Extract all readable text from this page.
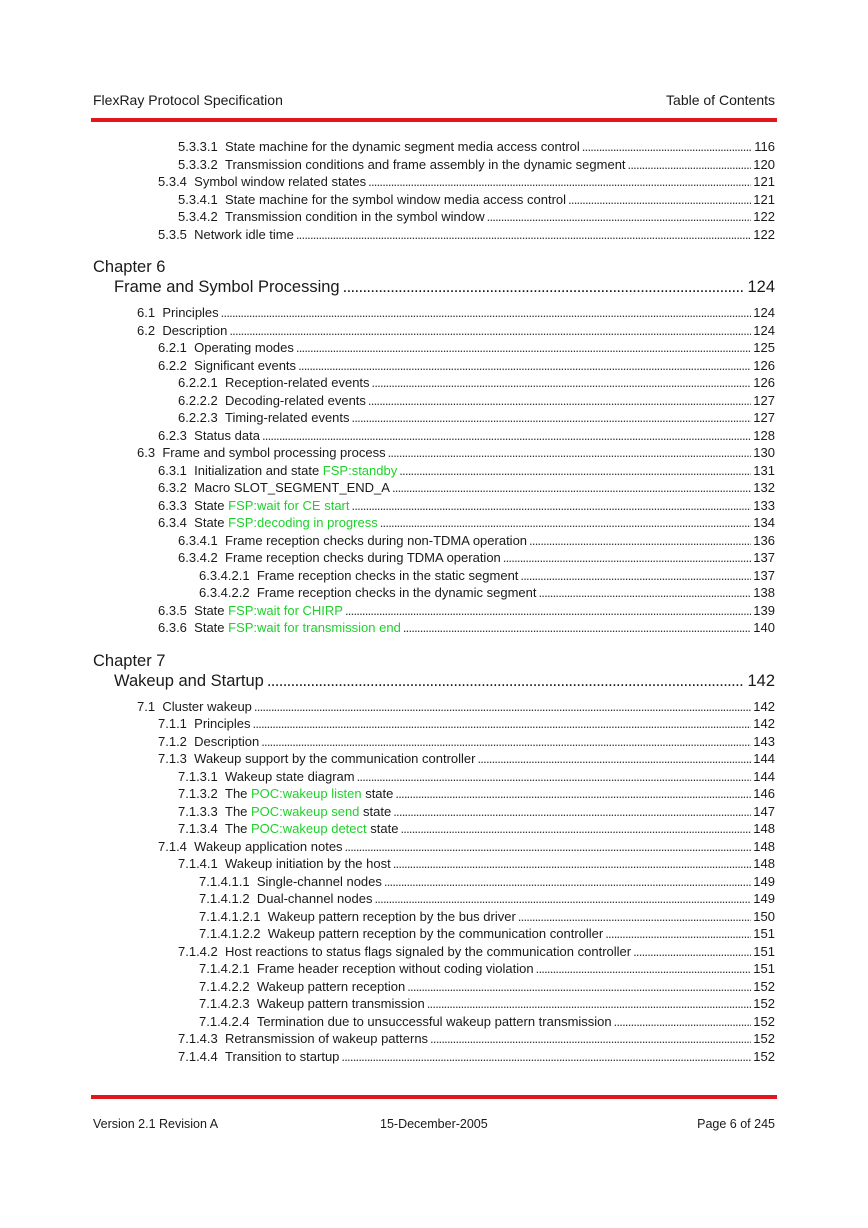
FlexRay Protocol Specification	Table of Contents
5.3.3.1 State machine for the dynamic segment media access control . . .	116
5.3.3.2 Transmission conditions and frame assembly in the dynamic segment . . .	120
5.3.4 Symbol window related states . . .	121
5.3.4.1 State machine for the symbol window media access control . . .	121
5.3.4.2 Transmission condition in the symbol window . . .	122
5.3.5 Network idle time . . .	122
Chapter 6
Frame and Symbol Processing . . .	124
6.1 Principles . . .	124
6.2 Description . . .	124
6.2.1 Operating modes . . .	125
6.2.2 Significant events . . .	126
6.2.2.1 Reception-related events . . .	126
6.2.2.2 Decoding-related events . . .	127
6.2.2.3 Timing-related events . . .	127
6.2.3 Status data . . .	128
6.3 Frame and symbol processing process . . .	130
6.3.1 Initialization and state FSP:standby . . .	131
6.3.2 Macro SLOT_SEGMENT_END_A . . .	132
6.3.3 State FSP:wait for CE start . . .	133
6.3.4 State FSP:decoding in progress . . .	134
6.3.4.1 Frame reception checks during non-TDMA operation . . .	136
6.3.4.2 Frame reception checks during TDMA operation . . .	137
6.3.4.2.1 Frame reception checks in the static segment . . .	137
6.3.4.2.2 Frame reception checks in the dynamic segment . . .	138
6.3.5 State FSP:wait for CHIRP . . .	139
6.3.6 State FSP:wait for transmission end . . .	140
Chapter 7
Wakeup and Startup . . .	142
7.1 Cluster wakeup . . .	142
7.1.1 Principles . . .	142
7.1.2 Description . . .	143
7.1.3 Wakeup support by the communication controller . . .	144
7.1.3.1 Wakeup state diagram . . .	144
7.1.3.2 The POC:wakeup listen state . . .	146
7.1.3.3 The POC:wakeup send state . . .	147
7.1.3.4 The POC:wakeup detect state . . .	148
7.1.4 Wakeup application notes . . .	148
7.1.4.1 Wakeup initiation by the host . . .	148
7.1.4.1.1 Single-channel nodes . . .	149
7.1.4.1.2 Dual-channel nodes . . .	149
7.1.4.1.2.1 Wakeup pattern reception by the bus driver . . .	150
7.1.4.1.2.2 Wakeup pattern reception by the communication controller . . .	151
7.1.4.2 Host reactions to status flags signaled by the communication controller . . .	151
7.1.4.2.1 Frame header reception without coding violation . . .	151
7.1.4.2.2 Wakeup pattern reception . . .	152
7.1.4.2.3 Wakeup pattern transmission . . .	152
7.1.4.2.4 Termination due to unsuccessful wakeup pattern transmission . . .	152
7.1.4.3 Retransmission of wakeup patterns . . .	152
7.1.4.4 Transition to startup . . .	152
Version 2.1 Revision A	15-December-2005	Page 6 of 245
